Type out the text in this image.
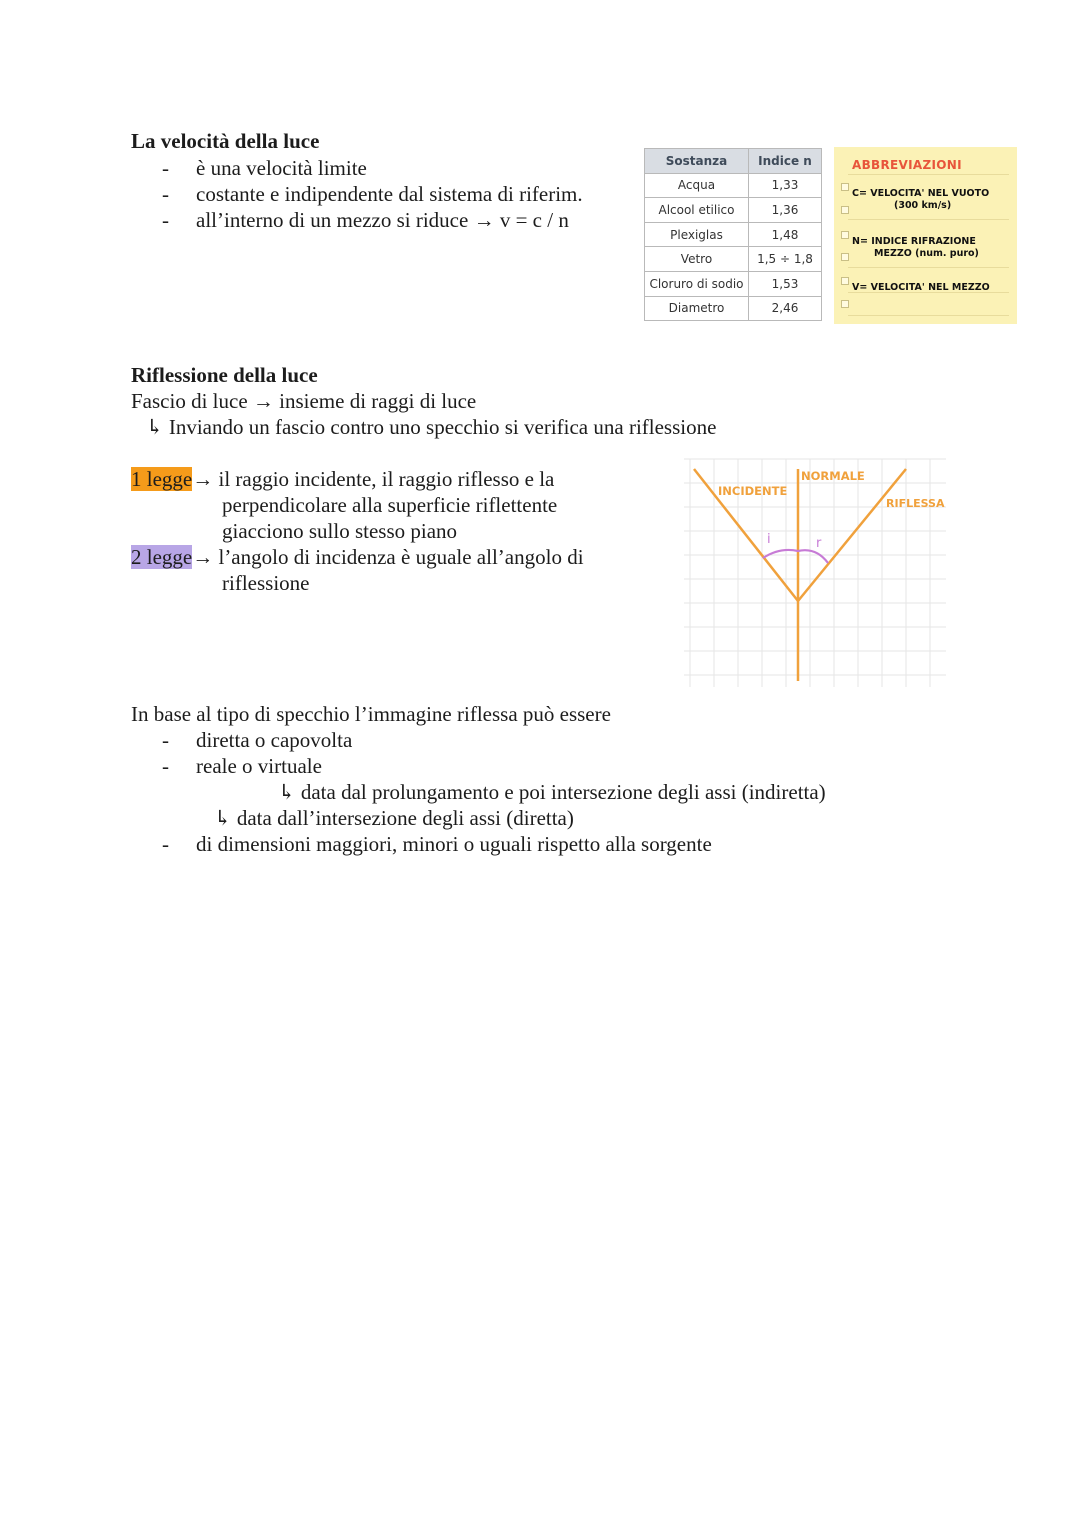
La velocità della luce
- è una velocità limite
- costante e indipendente dal sistema di riferim.
- all’interno di un mezzo si riduce → v = c / n
Sostanza	Indice n
Acqua	1,33
Alcool etilico	1,36
Plexiglas	1,48
Vetro	1,5 ÷ 1,8
Cloruro di sodio	1,53
Diametro	2,46
ABBREVIAZIONI
C= VELOCITA' NEL VUOTO
(300 km/s)
N= INDICE RIFRAZIONE
MEZZO (num. puro)
V= VELOCITA' NEL MEZZO
Riflessione della luce
Fascio di luce → insieme di raggi di luce
↳ Inviando un fascio contro uno specchio si verifica una riflessione
1 legge→ il raggio incidente, il raggio riflesso e la
perpendicolare alla superficie riflettente
giacciono sullo stesso piano
2 legge→ l’angolo di incidenza è uguale all’angolo di
riflessione
i	r
INCIDENTE
NORMALE
RIFLESSA
In base al tipo di specchio l’immagine riflessa può essere
- diretta o capovolta
- reale o virtuale
↳ data dal prolungamento e poi intersezione degli assi (indiretta)
↳ data dall’intersezione degli assi (diretta)
- di dimensioni maggiori, minori o uguali rispetto alla sorgente
